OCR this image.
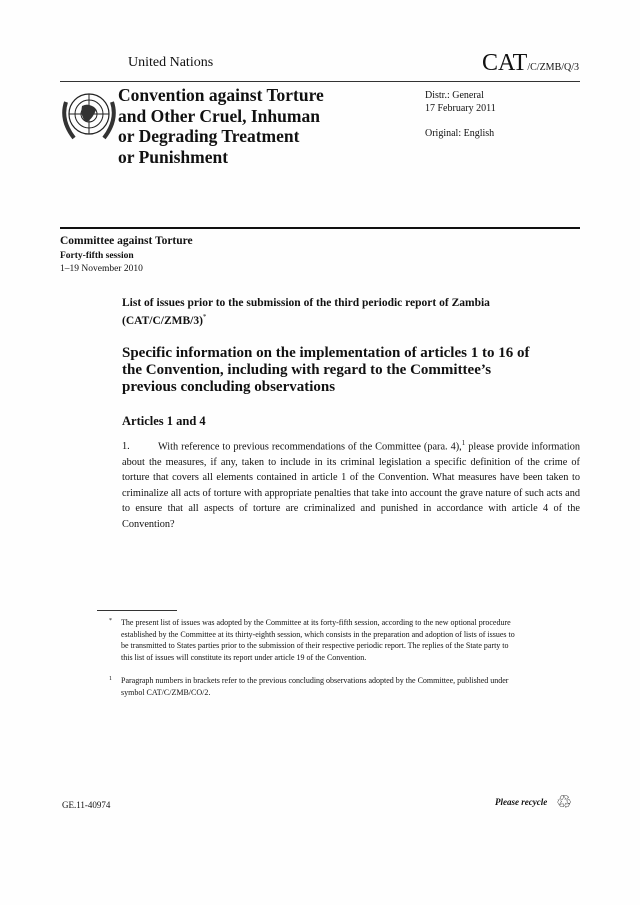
United Nations	CAT/C/ZMB/Q/3
Convention against Torture
and Other Cruel, Inhuman
or Degrading Treatment
or Punishment
Distr.: General
17 February 2011
Original: English
Committee against Torture
Forty-fifth session
1–19 November 2010
List of issues prior to the submission of the third periodic report of Zambia (CAT/C/ZMB/3)*
Specific information on the implementation of articles 1 to 16 of the Convention, including with regard to the Committee’s previous concluding observations
Articles 1 and 4
1.	With reference to previous recommendations of the Committee (para. 4),$^1$ please provide information about the measures, if any, taken to include in its criminal legislation a specific definition of the crime of torture that covers all elements contained in article 1 of the Convention. What measures have been taken to criminalize all acts of torture with appropriate penalties that take into account the grave nature of such acts and to ensure that all aspects of torture are criminalized and punished in accordance with article 4 of the Convention?
* The present list of issues was adopted by the Committee at its forty-fifth session, according to the new optional procedure established by the Committee at its thirty-eighth session, which consists in the preparation and adoption of lists of issues to be transmitted to States parties prior to the submission of their respective periodic report. The replies of the State party to this list of issues will constitute its report under article 19 of the Convention.
1 Paragraph numbers in brackets refer to the previous concluding observations adopted by the Committee, published under symbol CAT/C/ZMB/CO/2.
GE.11-40974	Please recycle ♲
